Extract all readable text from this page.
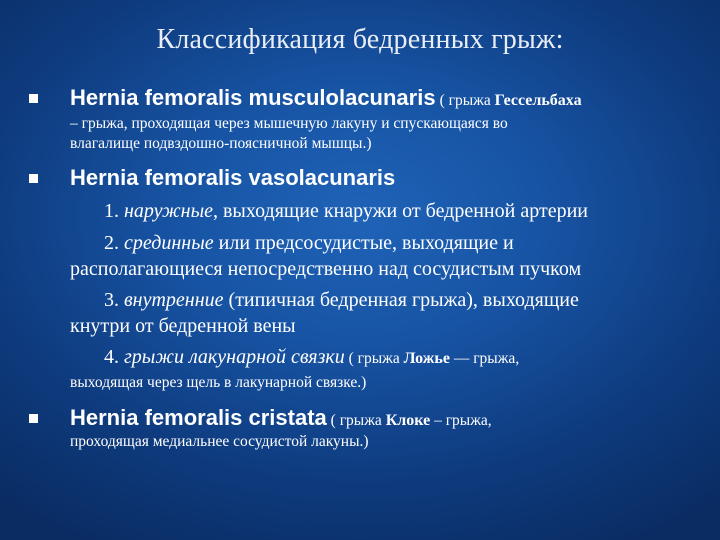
Классификация бедренных грыж:
Hernia femoralis musculolacunaris ( грыжа Гессельбаха
– грыжа, проходящая через мышечную лакуну и спускающаяся во
влагалище подвздошно-поясничной мышцы.)
Hernia femoralis vasolacunaris
1. наружные, выходящие кнаружи от бедренной артерии
2. срединные или предсосудистые, выходящие и
располагающиеся непосредственно над сосудистым пучком
3. внутренние (типичная бедренная грыжа), выходящие
кнутри от бедренной вены
4. грыжи лакунарной связки ( грыжа Ложье — грыжа,
выходящая через щель в лакунарной связке.)
Hernia femoralis cristata ( грыжа Клоке – грыжа,
проходящая медиальнее сосудистой лакуны.)
